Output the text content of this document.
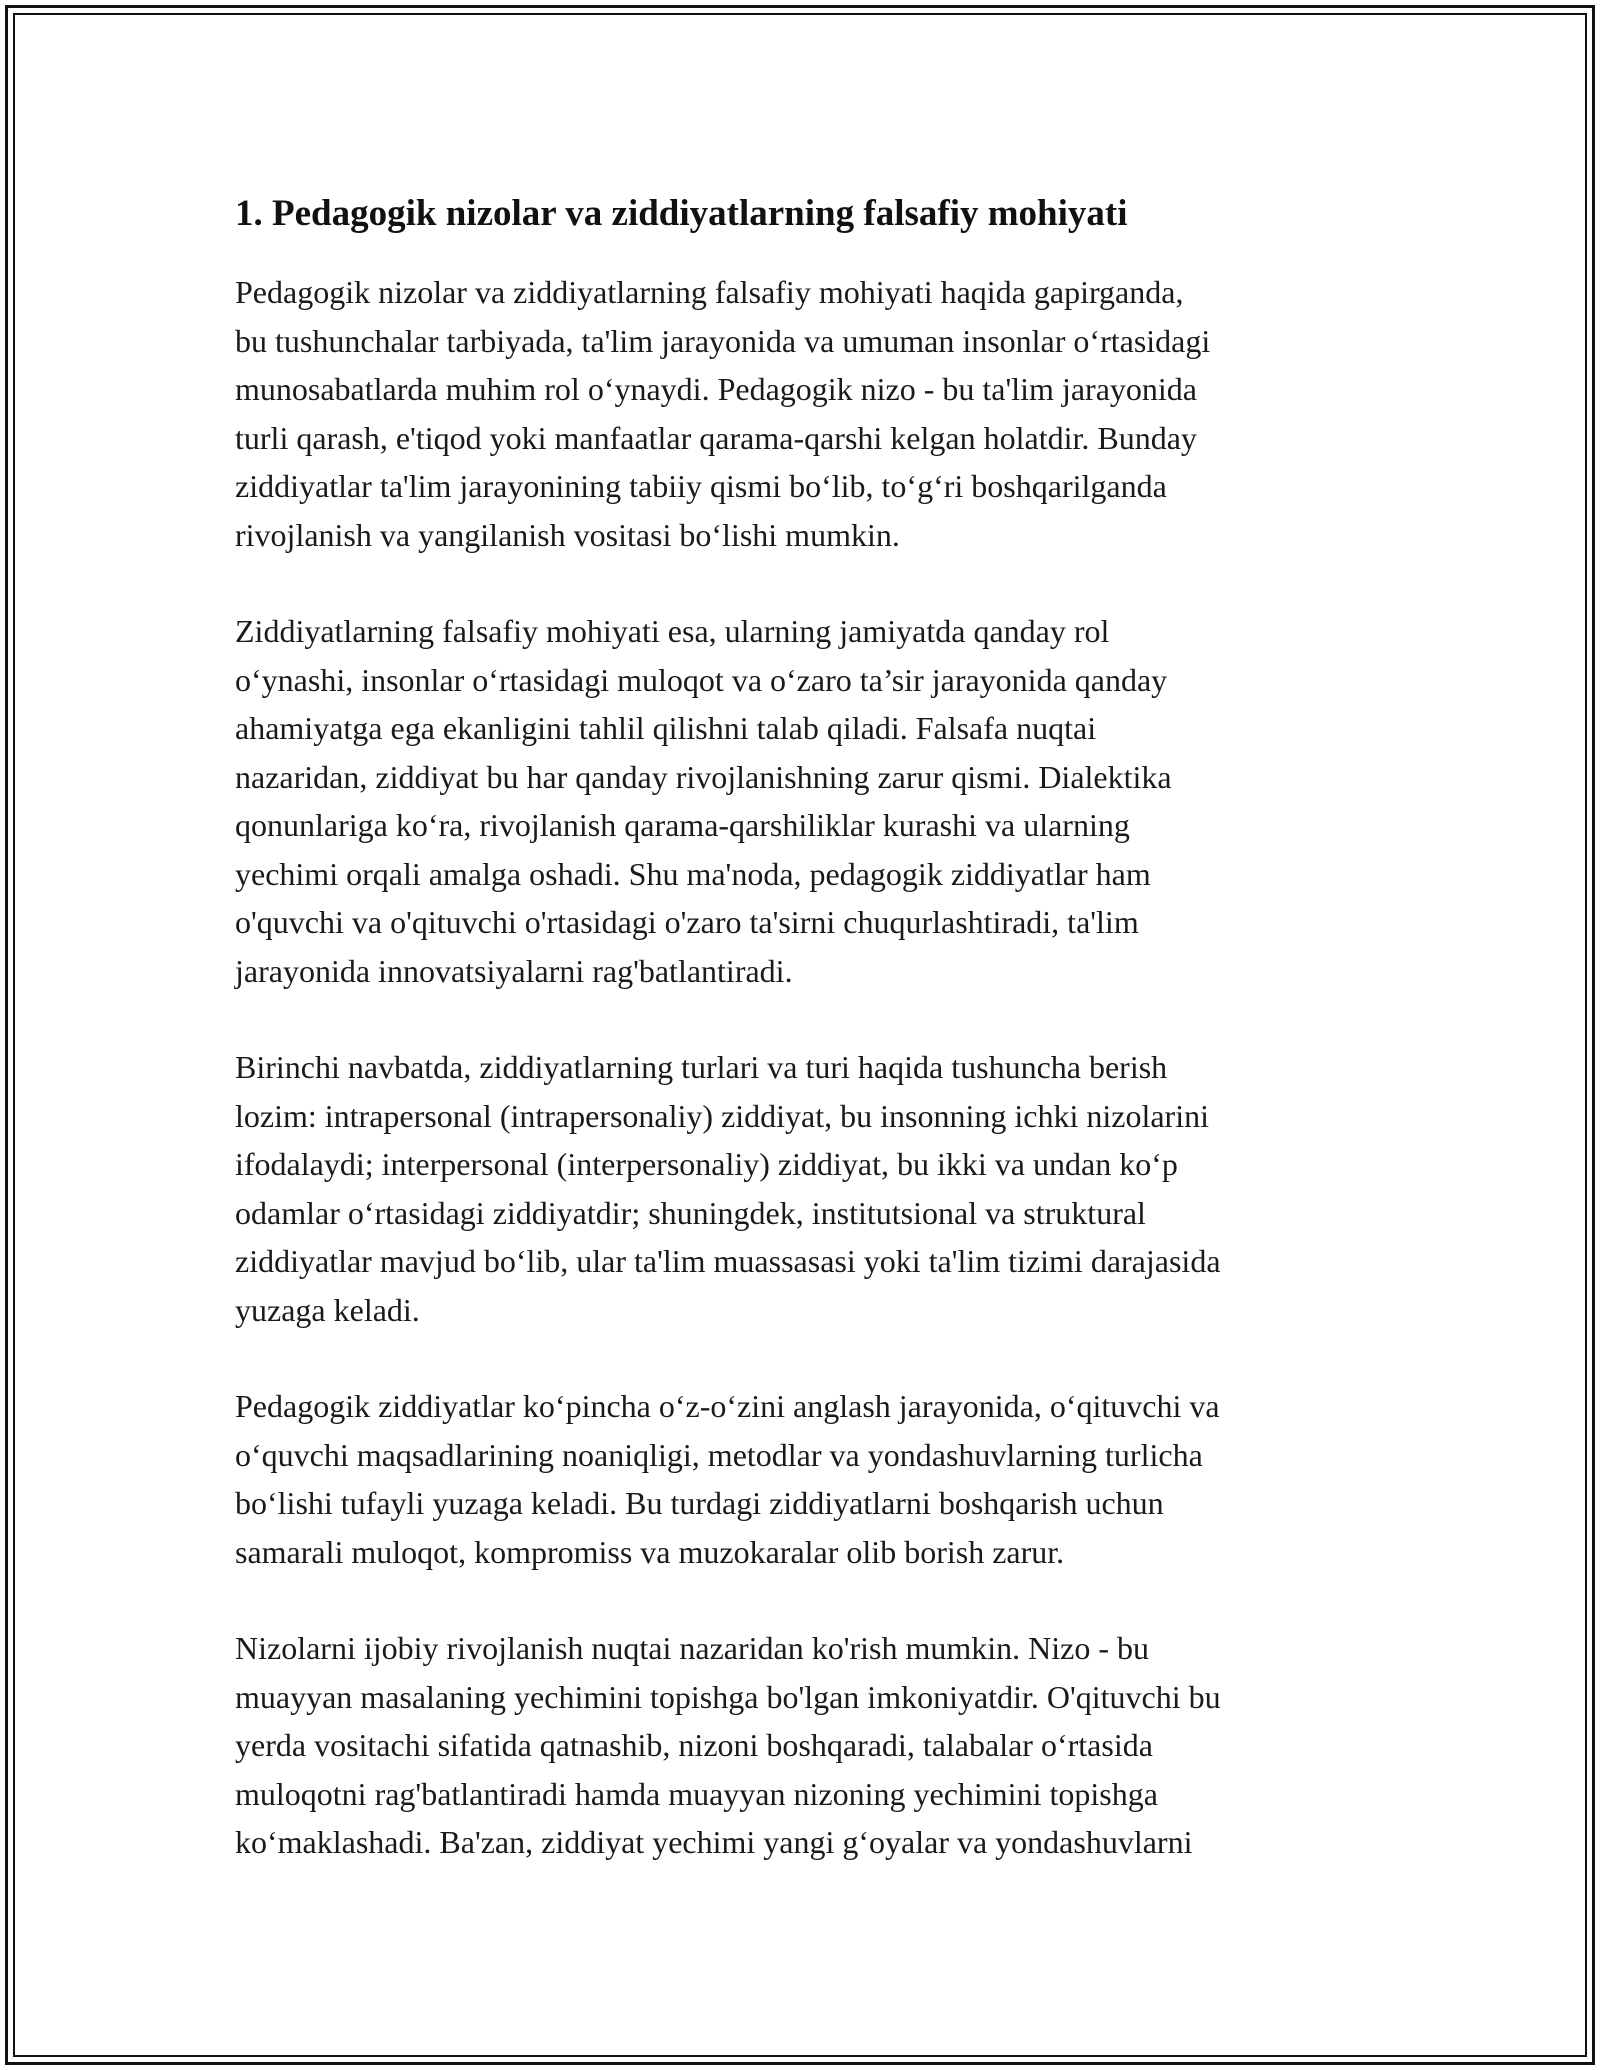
1. Pedagogik nizolar va ziddiyatlarning falsafiy mohiyati

Pedagogik nizolar va ziddiyatlarning falsafiy mohiyati haqida gapirganda,
bu tushunchalar tarbiyada, ta'lim jarayonida va umuman insonlar o‘rtasidagi
munosabatlarda muhim rol o‘ynaydi. Pedagogik nizo - bu ta'lim jarayonida
turli qarash, e'tiqod yoki manfaatlar qarama-qarshi kelgan holatdir. Bunday
ziddiyatlar ta'lim jarayonining tabiiy qismi bo‘lib, to‘g‘ri boshqarilganda
rivojlanish va yangilanish vositasi bo‘lishi mumkin.

Ziddiyatlarning falsafiy mohiyati esa, ularning jamiyatda qanday rol
o‘ynashi, insonlar o‘rtasidagi muloqot va o‘zaro ta’sir jarayonida qanday
ahamiyatga ega ekanligini tahlil qilishni talab qiladi. Falsafa nuqtai
nazaridan, ziddiyat bu har qanday rivojlanishning zarur qismi. Dialektika
qonunlariga ko‘ra, rivojlanish qarama-qarshiliklar kurashi va ularning
yechimi orqali amalga oshadi. Shu ma'noda, pedagogik ziddiyatlar ham
o'quvchi va o'qituvchi o'rtasidagi o'zaro ta'sirni chuqurlashtiradi, ta'lim
jarayonida innovatsiyalarni rag'batlantiradi.

Birinchi navbatda, ziddiyatlarning turlari va turi haqida tushuncha berish
lozim: intrapersonal (intrapersonaliy) ziddiyat, bu insonning ichki nizolarini
ifodalaydi; interpersonal (interpersonaliy) ziddiyat, bu ikki va undan ko‘p
odamlar o‘rtasidagi ziddiyatdir; shuningdek, institutsional va struktural
ziddiyatlar mavjud bo‘lib, ular ta'lim muassasasi yoki ta'lim tizimi darajasida
yuzaga keladi.

Pedagogik ziddiyatlar ko‘pincha o‘z-o‘zini anglash jarayonida, o‘qituvchi va
o‘quvchi maqsadlarining noaniqligi, metodlar va yondashuvlarning turlicha
bo‘lishi tufayli yuzaga keladi. Bu turdagi ziddiyatlarni boshqarish uchun
samarali muloqot, kompromiss va muzokaralar olib borish zarur.

Nizolarni ijobiy rivojlanish nuqtai nazaridan ko'rish mumkin. Nizo - bu
muayyan masalaning yechimini topishga bo'lgan imkoniyatdir. O'qituvchi bu
yerda vositachi sifatida qatnashib, nizoni boshqaradi, talabalar o‘rtasida
muloqotni rag'batlantiradi hamda muayyan nizoning yechimini topishga
ko‘maklashadi. Ba'zan, ziddiyat yechimi yangi g‘oyalar va yondashuvlarni
